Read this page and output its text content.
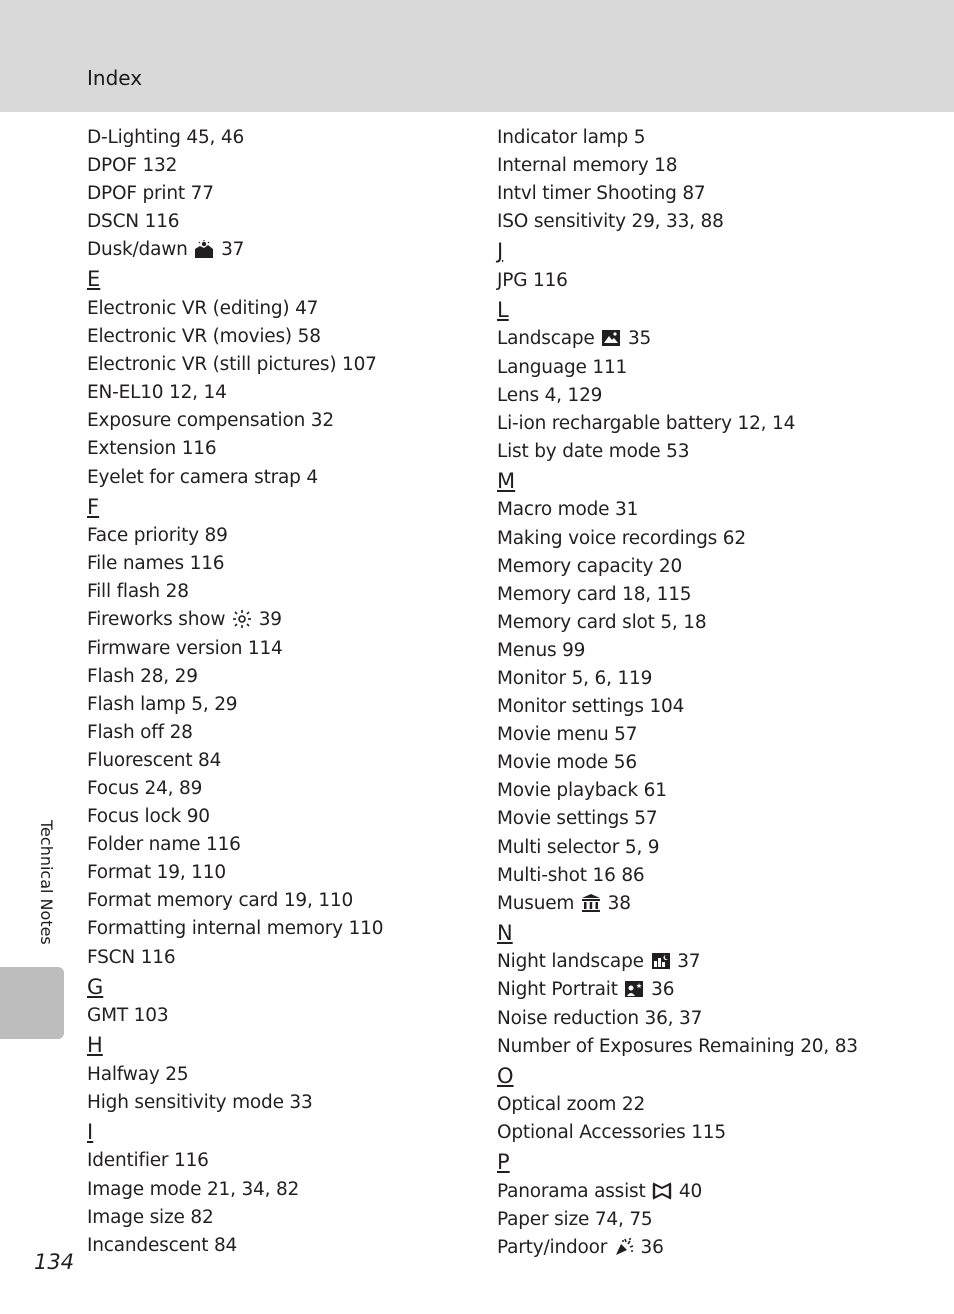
Index
D-Lighting 45, 46
DPOF 132
DPOF print 77
DSCN 116
Dusk/dawn 37
E
Electronic VR (editing) 47
Electronic VR (movies) 58
Electronic VR (still pictures) 107
EN-EL10 12, 14
Exposure compensation 32
Extension 116
Eyelet for camera strap 4
F
Face priority 89
File names 116
Fill flash 28
Fireworks show 39
Firmware version 114
Flash 28, 29
Flash lamp 5, 29
Flash off 28
Fluorescent 84
Focus 24, 89
Focus lock 90
Folder name 116
Format 19, 110
Format memory card 19, 110
Formatting internal memory 110
FSCN 116
G
GMT 103
H
Halfway 25
High sensitivity mode 33
I
Identifier 116
Image mode 21, 34, 82
Image size 82
Incandescent 84
Indicator lamp 5
Internal memory 18
Intvl timer Shooting 87
ISO sensitivity 29, 33, 88
J
JPG 116
L
Landscape 35
Language 111
Lens 4, 129
Li-ion rechargable battery 12, 14
List by date mode 53
M
Macro mode 31
Making voice recordings 62
Memory capacity 20
Memory card 18, 115
Memory card slot 5, 18
Menus 99
Monitor 5, 6, 119
Monitor settings 104
Movie menu 57
Movie mode 56
Movie playback 61
Movie settings 57
Multi selector 5, 9
Multi-shot 16 86
Musuem 38
N
Night landscape 37
Night Portrait 36
Noise reduction 36, 37
Number of Exposures Remaining 20, 83
O
Optical zoom 22
Optional Accessories 115
P
Panorama assist 40
Paper size 74, 75
Party/indoor 36
Technical Notes
134
